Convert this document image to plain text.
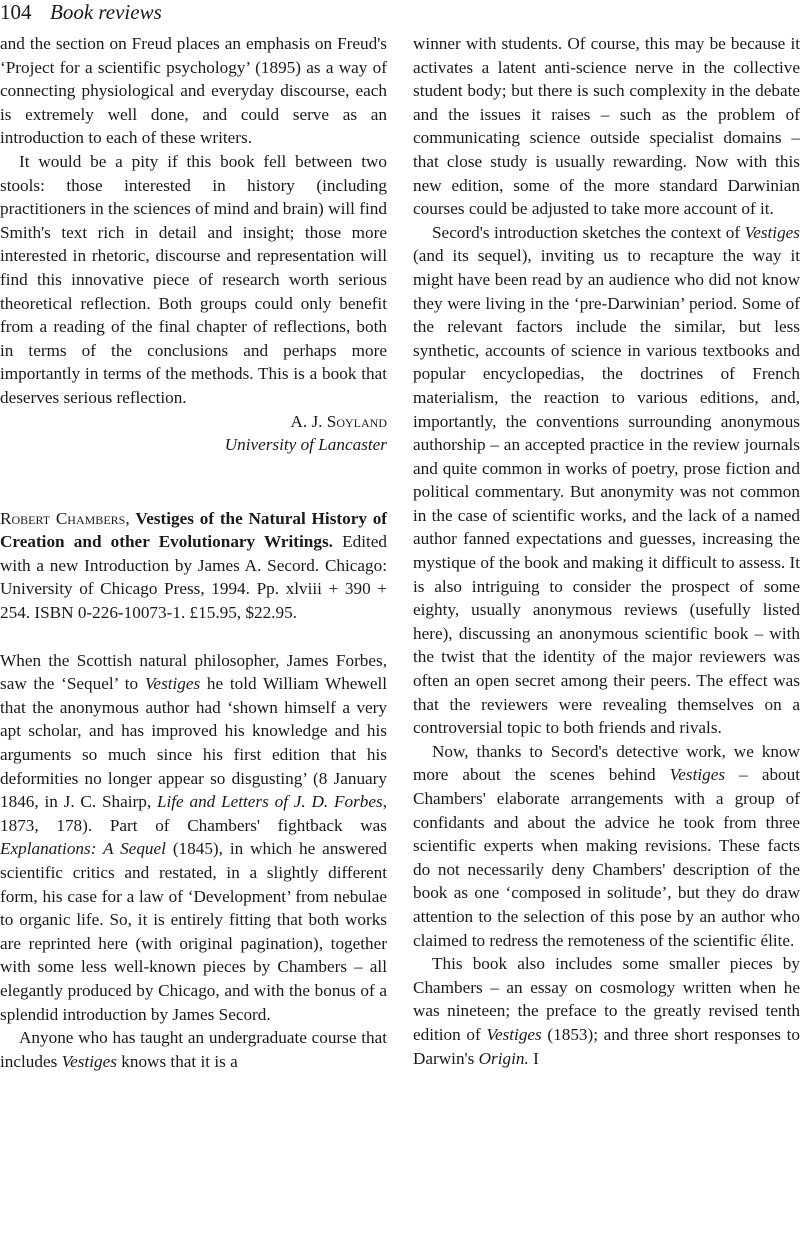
104 Book reviews

and the section on Freud places an emphasis on Freud's ‘Project for a scientific psychology’ (1895) as a way of connecting physiological and everyday discourse, each is extremely well done, and could serve as an introduction to each of these writers.

It would be a pity if this book fell between two stools: those interested in history (including practitioners in the sciences of mind and brain) will find Smith's text rich in detail and insight; those more interested in rhetoric, discourse and representation will find this innovative piece of research worth serious theoretical reflection. Both groups could only benefit from a reading of the final chapter of reflections, both in terms of the conclusions and perhaps more importantly in terms of the methods. This is a book that deserves serious reflection.

A. J. Soyland

University of Lancaster

Robert Chambers, Vestiges of the Natural History of Creation and other Evolutionary Writings. Edited with a new Introduction by James A. Secord. Chicago: University of Chicago Press, 1994. Pp. xlviii + 390 + 254. ISBN 0-226-10073-1. £15.95, $22.95.

When the Scottish natural philosopher, James Forbes, saw the ‘Sequel’ to Vestiges he told William Whewell that the anonymous author had ‘shown himself a very apt scholar, and has improved his knowledge and his arguments so much since his first edition that his deformities no longer appear so disgusting’ (8 January 1846, in J. C. Shairp, Life and Letters of J. D. Forbes, 1873, 178). Part of Chambers' fightback was Explanations: A Sequel (1845), in which he answered scientific critics and restated, in a slightly different form, his case for a law of ‘Development’ from nebulae to organic life. So, it is entirely fitting that both works are reprinted here (with original pagination), together with some less well-known pieces by Chambers – all elegantly produced by Chicago, and with the bonus of a splendid introduction by James Secord.

Anyone who has taught an undergraduate course that includes Vestiges knows that it is a

winner with students. Of course, this may be because it activates a latent anti-science nerve in the collective student body; but there is such complexity in the debate and the issues it raises – such as the problem of communicating science outside specialist domains – that close study is usually rewarding. Now with this new edition, some of the more standard Darwinian courses could be adjusted to take more account of it.

Secord's introduction sketches the context of Vestiges (and its sequel), inviting us to recapture the way it might have been read by an audience who did not know they were living in the ‘pre-Darwinian’ period. Some of the relevant factors include the similar, but less synthetic, accounts of science in various textbooks and popular encyclopedias, the doctrines of French materialism, the reaction to various editions, and, importantly, the conventions surrounding anonymous authorship – an accepted practice in the review journals and quite common in works of poetry, prose fiction and political commentary. But anonymity was not common in the case of scientific works, and the lack of a named author fanned expectations and guesses, increasing the mystique of the book and making it difficult to assess. It is also intriguing to consider the prospect of some eighty, usually anonymous reviews (usefully listed here), discussing an anonymous scientific book – with the twist that the identity of the major reviewers was often an open secret among their peers. The effect was that the reviewers were revealing themselves on a controversial topic to both friends and rivals.

Now, thanks to Secord's detective work, we know more about the scenes behind Vestiges – about Chambers' elaborate arrangements with a group of confidants and about the advice he took from three scientific experts when making revisions. These facts do not necessarily deny Chambers' description of the book as one ‘composed in solitude’, but they do draw attention to the selection of this pose by an author who claimed to redress the remoteness of the scientific élite.

This book also includes some smaller pieces by Chambers – an essay on cosmology written when he was nineteen; the preface to the greatly revised tenth edition of Vestiges (1853); and three short responses to Darwin's Origin. I
